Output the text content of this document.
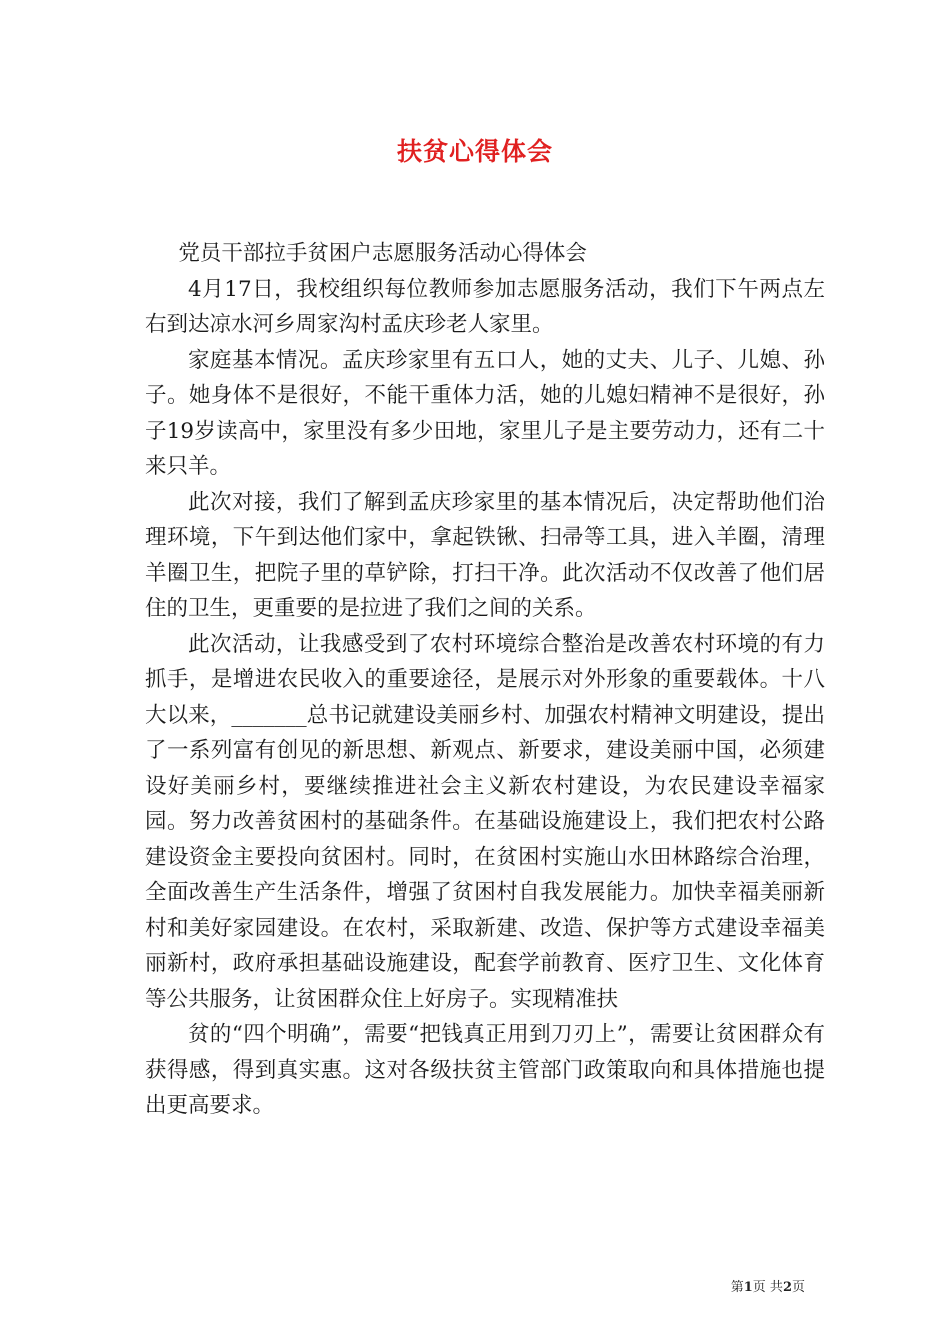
扶贫心得体会

党员干部拉手贫困户志愿服务活动心得体会

4月17日，我校组织每位教师参加志愿服务活动，我们下午两点左右到达凉水河乡周家沟村孟庆珍老人家里。

家庭基本情况。孟庆珍家里有五口人，她的丈夫、儿子、儿媳、孙子。她身体不是很好，不能干重体力活，她的儿媳妇精神不是很好，孙子19岁读高中，家里没有多少田地，家里儿子是主要劳动力，还有二十来只羊。

此次对接，我们了解到孟庆珍家里的基本情况后，决定帮助他们治理环境，下午到达他们家中，拿起铁锹、扫帚等工具，进入羊圈，清理羊圈卫生，把院子里的草铲除，打扫干净。此次活动不仅改善了他们居住的卫生，更重要的是拉进了我们之间的关系。

此次活动，让我感受到了农村环境综合整治是改善农村环境的有力抓手，是增进农民收入的重要途径，是展示对外形象的重要载体。十八大以来，_______总书记就建设美丽乡村、加强农村精神文明建设，提出了一系列富有创见的新思想、新观点、新要求，建设美丽中国，必须建设好美丽乡村，要继续推进社会主义新农村建设，为农民建设幸福家园。努力改善贫困村的基础条件。在基础设施建设上，我们把农村公路建设资金主要投向贫困村。同时，在贫困村实施山水田林路综合治理，全面改善生产生活条件，增强了贫困村自我发展能力。加快幸福美丽新村和美好家园建设。在农村，采取新建、改造、保护等方式建设幸福美丽新村，政府承担基础设施建设，配套学前教育、医疗卫生、文化体育等公共服务，让贫困群众住上好房子。实现精准扶

贫的“四个明确”，需要“把钱真正用到刀刃上”，需要让贫困群众有获得感，得到真实惠。这对各级扶贫主管部门政策取向和具体措施也提出更高要求。

第1页 共2页
